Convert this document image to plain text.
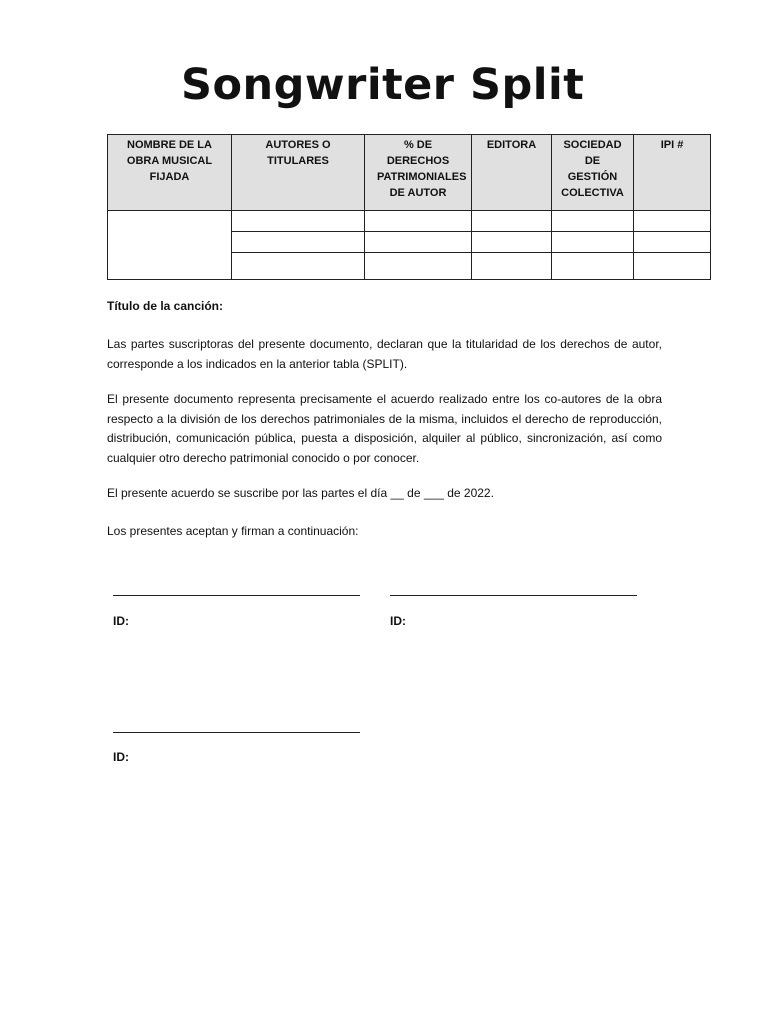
Songwriter Split
NOMBRE DE LA OBRA MUSICAL FIJADA	AUTORES O TITULARES	% DE DERECHOS PATRIMONIALES DE AUTOR	EDITORA	SOCIEDAD DE GESTIÓN COLECTIVA	IPI #

Título de la canción:

Las partes suscriptoras del presente documento, declaran que la titularidad de los derechos de autor, corresponde a los indicados en la anterior tabla (SPLIT).

El presente documento representa precisamente el acuerdo realizado entre los co-autores de la obra respecto a la división de los derechos patrimoniales de la misma, incluidos el derecho de reproducción, distribución, comunicación pública, puesta a disposición, alquiler al público, sincronización, así como cualquier otro derecho patrimonial conocido o por conocer.

El presente acuerdo se suscribe por las partes el día __ de ___ de 2022.

Los presentes aceptan y firman a continuación:

ID:	ID:
ID:
